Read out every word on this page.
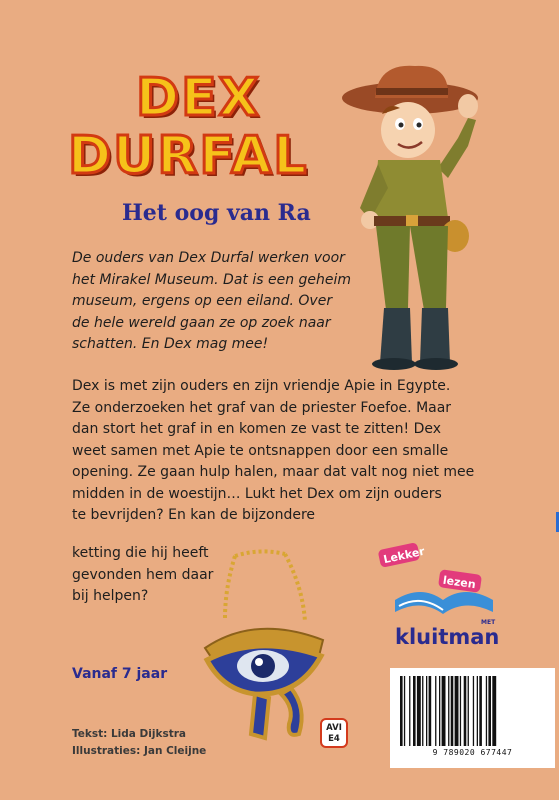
DEX
DURFAL
Het oog van Ra
De ouders van Dex Durfal werken voor
het Mirakel Museum. Dat is een geheim
museum, ergens op een eiland. Over
de hele wereld gaan ze op zoek naar
schatten. En Dex mag mee!
Dex is met zijn ouders en zijn vriendje Apie in Egypte.
Ze onderzoeken het graf van de priester Foefoe. Maar
dan stort het graf in en komen ze vast te zitten! Dex
weet samen met Apie te ontsnappen door een smalle
opening. Ze gaan hulp halen, maar dat valt nog niet mee
midden in de woestijn… Lukt het Dex om zijn ouders
te bevrijden? En kan de bijzondere
ketting die hij heeft
gevonden hem daar
bij helpen?
Lekker
lezen
MET
kluitman
Vanaf 7 jaar
Tekst: Lida Dijkstra
Illustraties: Jan Cleijne
AVI
E4
9 789020 677447
